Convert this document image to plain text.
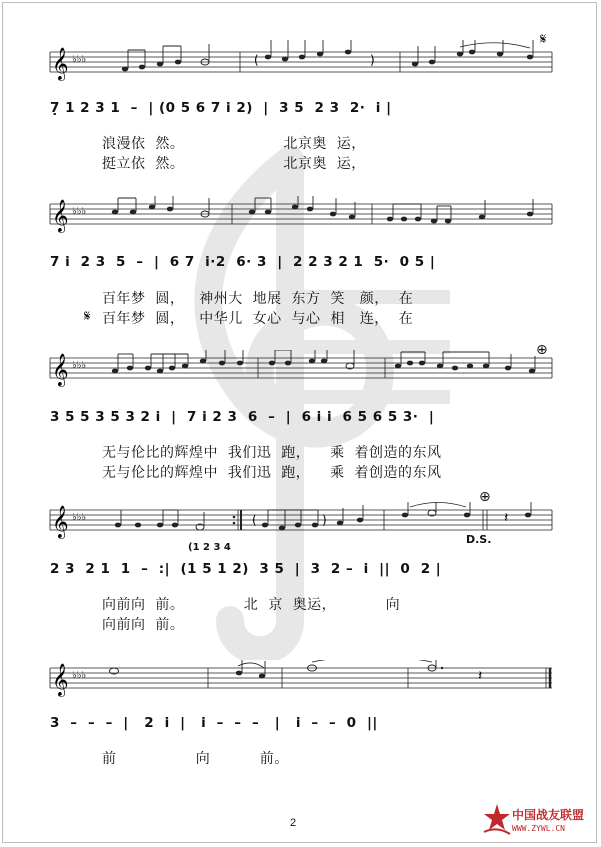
𝄞 ♭♭♭	(	)
𝄋
7̣ 1 2 3 1  –  | (0 5 6 7 i 2)  |  3 5  2 3  2·  i |
浪漫依  然。                    北京奥  运，
挺立依  然。                    北京奥  运，
𝄞 ♭♭♭
7 i  2 3  5  –  |  6 7  i·2  6· 3  |  2 2 3 2 1  5·  0 5 |
百年梦  圆，   神州大  地展  东方  笑   颜，  在
𝄋 百年梦  圆，   中华儿  女心  与心  相   连，  在
𝄞 ♭♭♭
⊕
3 5 5 3 5 3 2 i  |  7 i 2 3  6  –  |  6 i i  6 5 6 5 3·  |
无与伦比的辉煌中  我们迅  跑，    乘  着创造的东风
无与伦比的辉煌中  我们迅  跑，    乘  着创造的东风
𝄞 ♭♭♭	𝄽
(	)
⊕
D.S.
(1 2 3 4
2 3  2 1  1  –  :|  (1 5 1 2)  3 5  |  3  2 –  i  ||  0  2 |
向前向  前。            北  京  奥运，          向
向前向  前。
𝄞 ♭♭♭	𝄽
3  –  –  –  |   2  i  |   i  –  –  –   |   i  –  –  0  ||
前                向          前。
2
中国战友联盟
WWW.ZYWL.CN
